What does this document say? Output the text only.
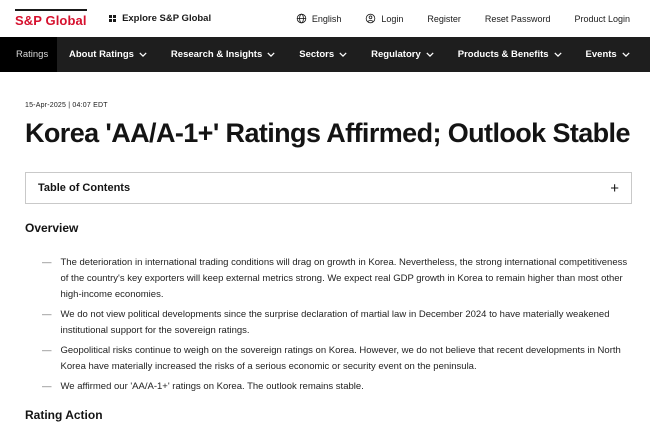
S&P Global	Explore S&P Global	English	Login	Register	Reset Password	Product Login
Ratings	About Ratings	Research & Insights	Sectors	Regulatory	Products & Benefits	Events
15-Apr-2025 | 04:07 EDT
Korea 'AA/A-1+' Ratings Affirmed; Outlook Stable
Table of Contents	+
Overview
—
The deterioration in international trading conditions will drag on growth in Korea. Nevertheless, the strong international competitiveness of the country's key exporters will keep external metrics strong. We expect real GDP growth in Korea to remain higher than most other high-income economies.
—
We do not view political developments since the surprise declaration of martial law in December 2024 to have materially weakened institutional support for the sovereign ratings.
—
Geopolitical risks continue to weigh on the sovereign ratings on Korea. However, we do not believe that recent developments in North Korea have materially increased the risks of a serious economic or security event on the peninsula.
—
We affirmed our 'AA/A-1+' ratings on Korea. The outlook remains stable.
Rating Action
